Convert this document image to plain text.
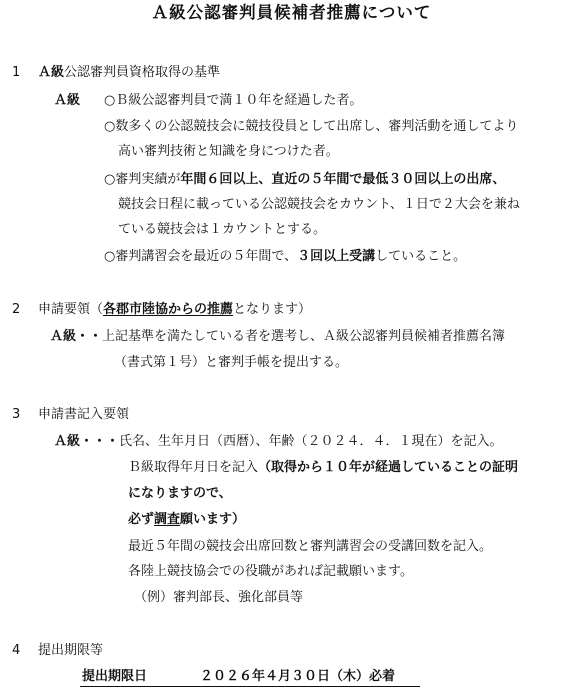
Ａ級公認審判員候補者推薦について
1 Ａ級公認審判員資格取得の基準
Ａ級 ○Ｂ級公認審判員で満１０年を経過した者。
○数多くの公認競技会に競技役員として出席し、審判活動を通してより
高い審判技術と知識を身につけた者。
○審判実績が年間６回以上、直近の５年間で最低３０回以上の出席、
競技会日程に載っている公認競技会をカウント、１日で２大会を兼ね
ている競技会は１カウントとする。
○審判講習会を最近の５年間で、３回以上受講していること。
2 申請要領（各郡市陸協からの推薦となります）
Ａ級・・上記基準を満たしている者を選考し、Ａ級公認審判員候補者推薦名簿
（書式第１号）と審判手帳を提出する。
3 申請書記入要領
Ａ級・・・氏名、生年月日（西暦）、年齢（２０２４．４．１現在）を記入。
Ｂ級取得年月日を記入（取得から１０年が経過していることの証明
になりますので、
必ず調査願います）
最近５年間の競技会出席回数と審判講習会の受講回数を記入。
各陸上競技協会での役職があれば記載願います。
（例）審判部長、強化部員等
4 提出期限等
提出期限日	２０２６年４月３０日（木）必着
